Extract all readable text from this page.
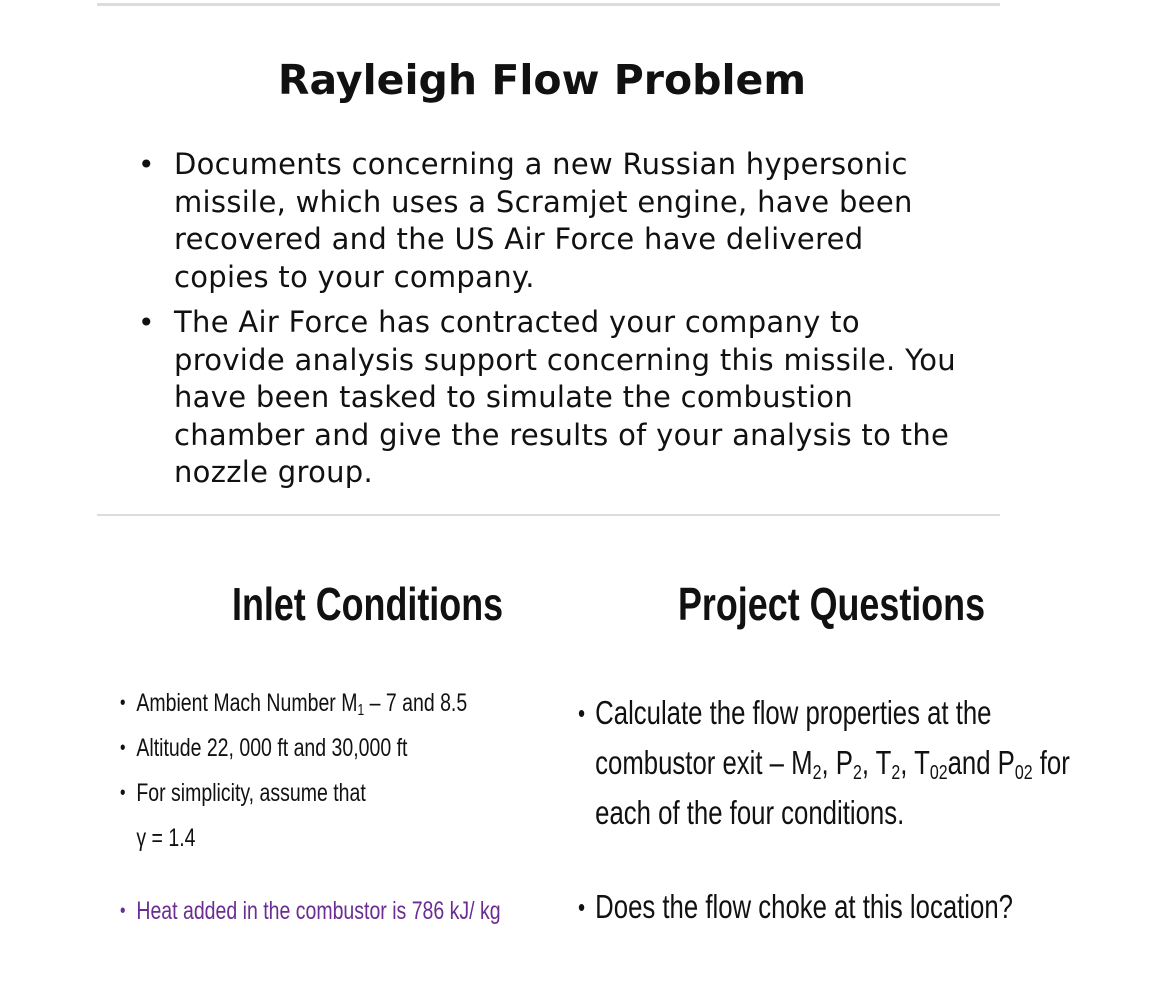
Rayleigh Flow Problem
• Documents concerning a new Russian hypersonic missile, which uses a Scramjet engine, have been recovered and the US Air Force have delivered copies to your company.
• The Air Force has contracted your company to provide analysis support concerning this missile. You have been tasked to simulate the combustion chamber and give the results of your analysis to the nozzle group.
Inlet Conditions
• Ambient Mach Number $M_1 - 7$ and 8.5
• Altitude 22, 000 ft and 30,000 ft
• For simplicity, assume that
γ = 1.4
• Heat added in the combustor is 786 kJ/ kg
Project Questions
• Calculate the flow properties at the
combustor exit – $M_2$, $P_2$, $T_2$, $T_{02}and$ $P_{02}$ for
each of the four conditions.
• Does the flow choke at this location?
